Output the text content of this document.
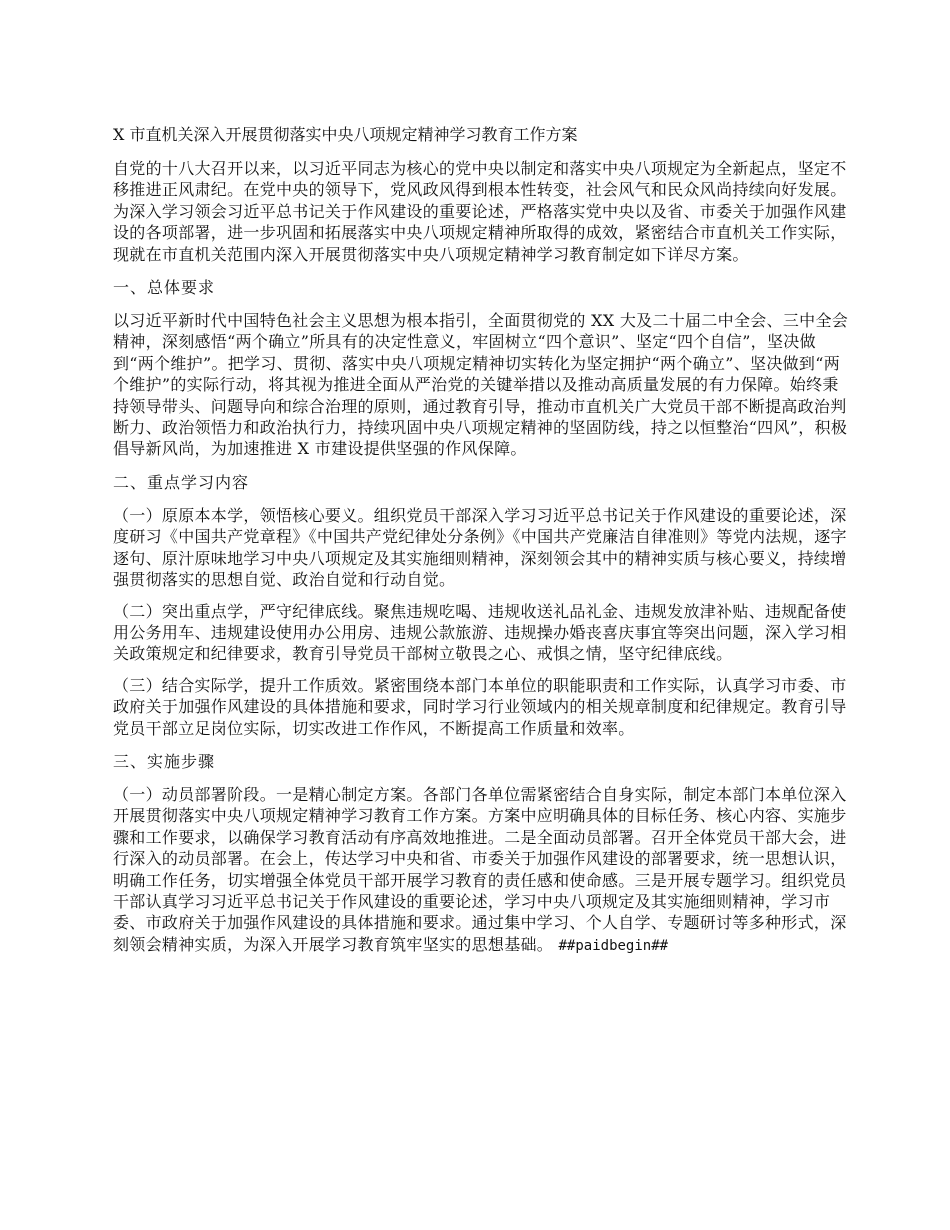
X 市直机关深入开展贯彻落实中央八项规定精神学习教育工作方案

自党的十八大召开以来，以习近平同志为核心的党中央以制定和落实中央八项规定为全新起点，坚定不移推进正风肃纪。在党中央的领导下，党风政风得到根本性转变，社会风气和民众风尚持续向好发展。为深入学习领会习近平总书记关于作风建设的重要论述，严格落实党中央以及省、市委关于加强作风建设的各项部署，进一步巩固和拓展落实中央八项规定精神所取得的成效，紧密结合市直机关工作实际，现就在市直机关范围内深入开展贯彻落实中央八项规定精神学习教育制定如下详尽方案。

一、总体要求

以习近平新时代中国特色社会主义思想为根本指引，全面贯彻党的 XX 大及二十届二中全会、三中全会精神，深刻感悟“两个确立”所具有的决定性意义，牢固树立“四个意识”、坚定“四个自信”，坚决做到“两个维护”。把学习、贯彻、落实中央八项规定精神切实转化为坚定拥护“两个确立”、坚决做到“两个维护”的实际行动，将其视为推进全面从严治党的关键举措以及推动高质量发展的有力保障。始终秉持领导带头、问题导向和综合治理的原则，通过教育引导，推动市直机关广大党员干部不断提高政治判断力、政治领悟力和政治执行力，持续巩固中央八项规定精神的坚固防线，持之以恒整治“四风”，积极倡导新风尚，为加速推进 X 市建设提供坚强的作风保障。

二、重点学习内容

（一）原原本本学，领悟核心要义。组织党员干部深入学习习近平总书记关于作风建设的重要论述，深度研习《中国共产党章程》《中国共产党纪律处分条例》《中国共产党廉洁自律准则》等党内法规，逐字逐句、原汁原味地学习中央八项规定及其实施细则精神，深刻领会其中的精神实质与核心要义，持续增强贯彻落实的思想自觉、政治自觉和行动自觉。

（二）突出重点学，严守纪律底线。聚焦违规吃喝、违规收送礼品礼金、违规发放津补贴、违规配备使用公务用车、违规建设使用办公用房、违规公款旅游、违规操办婚丧喜庆事宜等突出问题，深入学习相关政策规定和纪律要求，教育引导党员干部树立敬畏之心、戒惧之情，坚守纪律底线。

（三）结合实际学，提升工作质效。紧密围绕本部门本单位的职能职责和工作实际，认真学习市委、市政府关于加强作风建设的具体措施和要求，同时学习行业领域内的相关规章制度和纪律规定。教育引导党员干部立足岗位实际，切实改进工作作风，不断提高工作质量和效率。

三、实施步骤

（一）动员部署阶段。一是精心制定方案。各部门各单位需紧密结合自身实际，制定本部门本单位深入开展贯彻落实中央八项规定精神学习教育工作方案。方案中应明确具体的目标任务、核心内容、实施步骤和工作要求，以确保学习教育活动有序高效地推进。二是全面动员部署。召开全体党员干部大会，进行深入的动员部署。在会上，传达学习中央和省、市委关于加强作风建设的部署要求，统一思想认识，明确工作任务，切实增强全体党员干部开展学习教育的责任感和使命感。三是开展专题学习。组织党员干部认真学习习近平总书记关于作风建设的重要论述，学习中央八项规定及其实施细则精神，学习市委、市政府关于加强作风建设的具体措施和要求。通过集中学习、个人自学、专题研讨等多种形式，深刻领会精神实质，为深入开展学习教育筑牢坚实的思想基础。 ##paidbegin##
